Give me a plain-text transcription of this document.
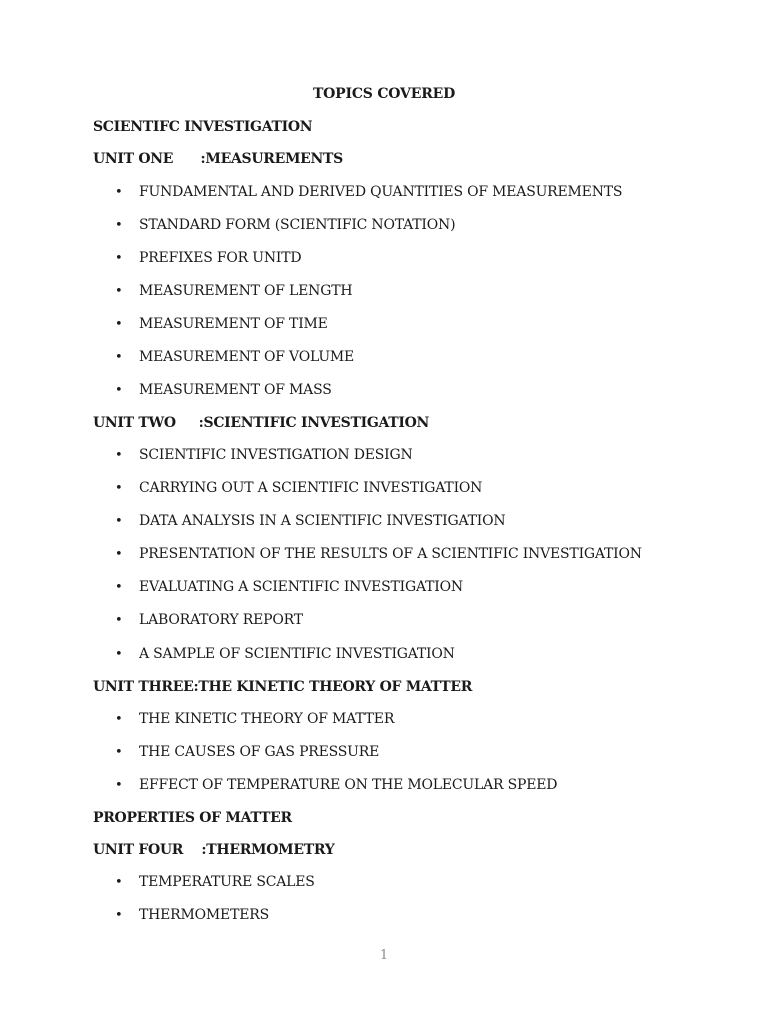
TOPICS COVERED
SCIENTIFC INVESTIGATION
UNIT ONE      :MEASUREMENTS
• FUNDAMENTAL AND DERIVED QUANTITIES OF MEASUREMENTS
• STANDARD FORM (SCIENTIFIC NOTATION)
• PREFIXES FOR UNITD
• MEASUREMENT OF LENGTH
• MEASUREMENT OF TIME
• MEASUREMENT OF VOLUME
• MEASUREMENT OF MASS
UNIT TWO     :SCIENTIFIC INVESTIGATION
• SCIENTIFIC INVESTIGATION DESIGN
• CARRYING OUT A SCIENTIFIC INVESTIGATION
• DATA ANALYSIS IN A SCIENTIFIC INVESTIGATION
• PRESENTATION OF THE RESULTS OF A SCIENTIFIC INVESTIGATION
• EVALUATING A SCIENTIFIC INVESTIGATION
• LABORATORY REPORT
• A SAMPLE OF SCIENTIFIC INVESTIGATION
UNIT THREE:THE KINETIC THEORY OF MATTER
• THE KINETIC THEORY OF MATTER
• THE CAUSES OF GAS PRESSURE
• EFFECT OF TEMPERATURE ON THE MOLECULAR SPEED
PROPERTIES OF MATTER
UNIT FOUR    :THERMOMETRY
• TEMPERATURE SCALES
• THERMOMETERS
1
